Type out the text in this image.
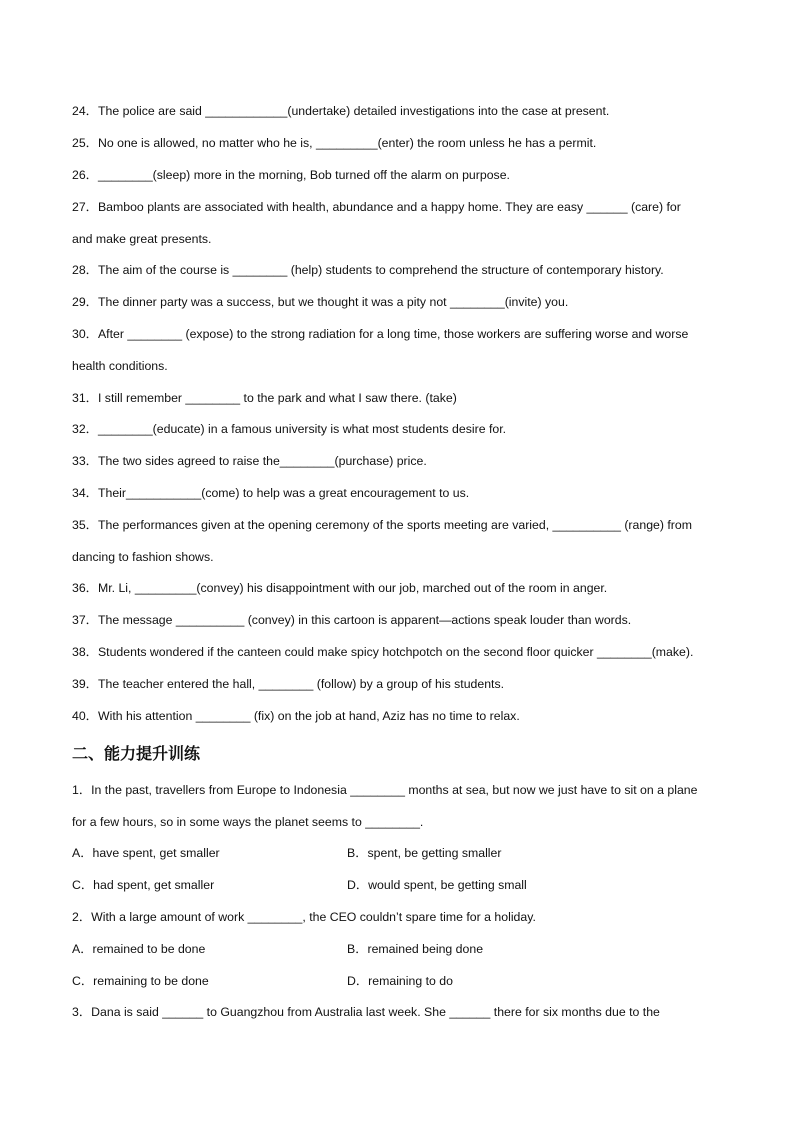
24．The police are said ____________(undertake) detailed investigations into the case at present.
25．No one is allowed, no matter who he is, _________(enter) the room unless he has a permit.
26．________(sleep) more in the morning, Bob turned off the alarm on purpose.
27．Bamboo plants are associated with health, abundance and a happy home. They are easy ______ (care) for
and make great presents.
28．The aim of the course is ________ (help) students to comprehend the structure of contemporary history.
29．The dinner party was a success, but we thought it was a pity not ________(invite) you.
30．After ________ (expose) to the strong radiation for a long time, those workers are suffering worse and worse
health conditions.
31．I still remember ________ to the park and what I saw there. (take)
32．________(educate) in a famous university is what most students desire for.
33．The two sides agreed to raise the________(purchase) price.
34．Their___________(come) to help was a great encouragement to us.
35．The performances given at the opening ceremony of the sports meeting are varied, __________ (range) from
dancing to fashion shows.
36．Mr. Li, _________(convey) his disappointment with our job, marched out of the room in anger.
37．The message __________ (convey) in this cartoon is apparent—actions speak louder than words.
38．Students wondered if the canteen could make spicy hotchpotch on the second floor quicker ________(make).
39．The teacher entered the hall, ________ (follow) by a group of his students.
40．With his attention ________ (fix) on the job at hand, Aziz has no time to relax.
二、能力提升训练
1．In the past, travellers from Europe to Indonesia ________ months at sea, but now we just have to sit on a plane
for a few hours, so in some ways the planet seems to ________.
A．have spent, get smaller	B．spent, be getting smaller
C．had spent, get smaller	D．would spent, be getting small
2．With a large amount of work ________, the CEO couldn’t spare time for a holiday.
A．remained to be done	B．remained being done
C．remaining to be done	D．remaining to do
3．Dana is said ______ to Guangzhou from Australia last week. She ______ there for six months due to the
